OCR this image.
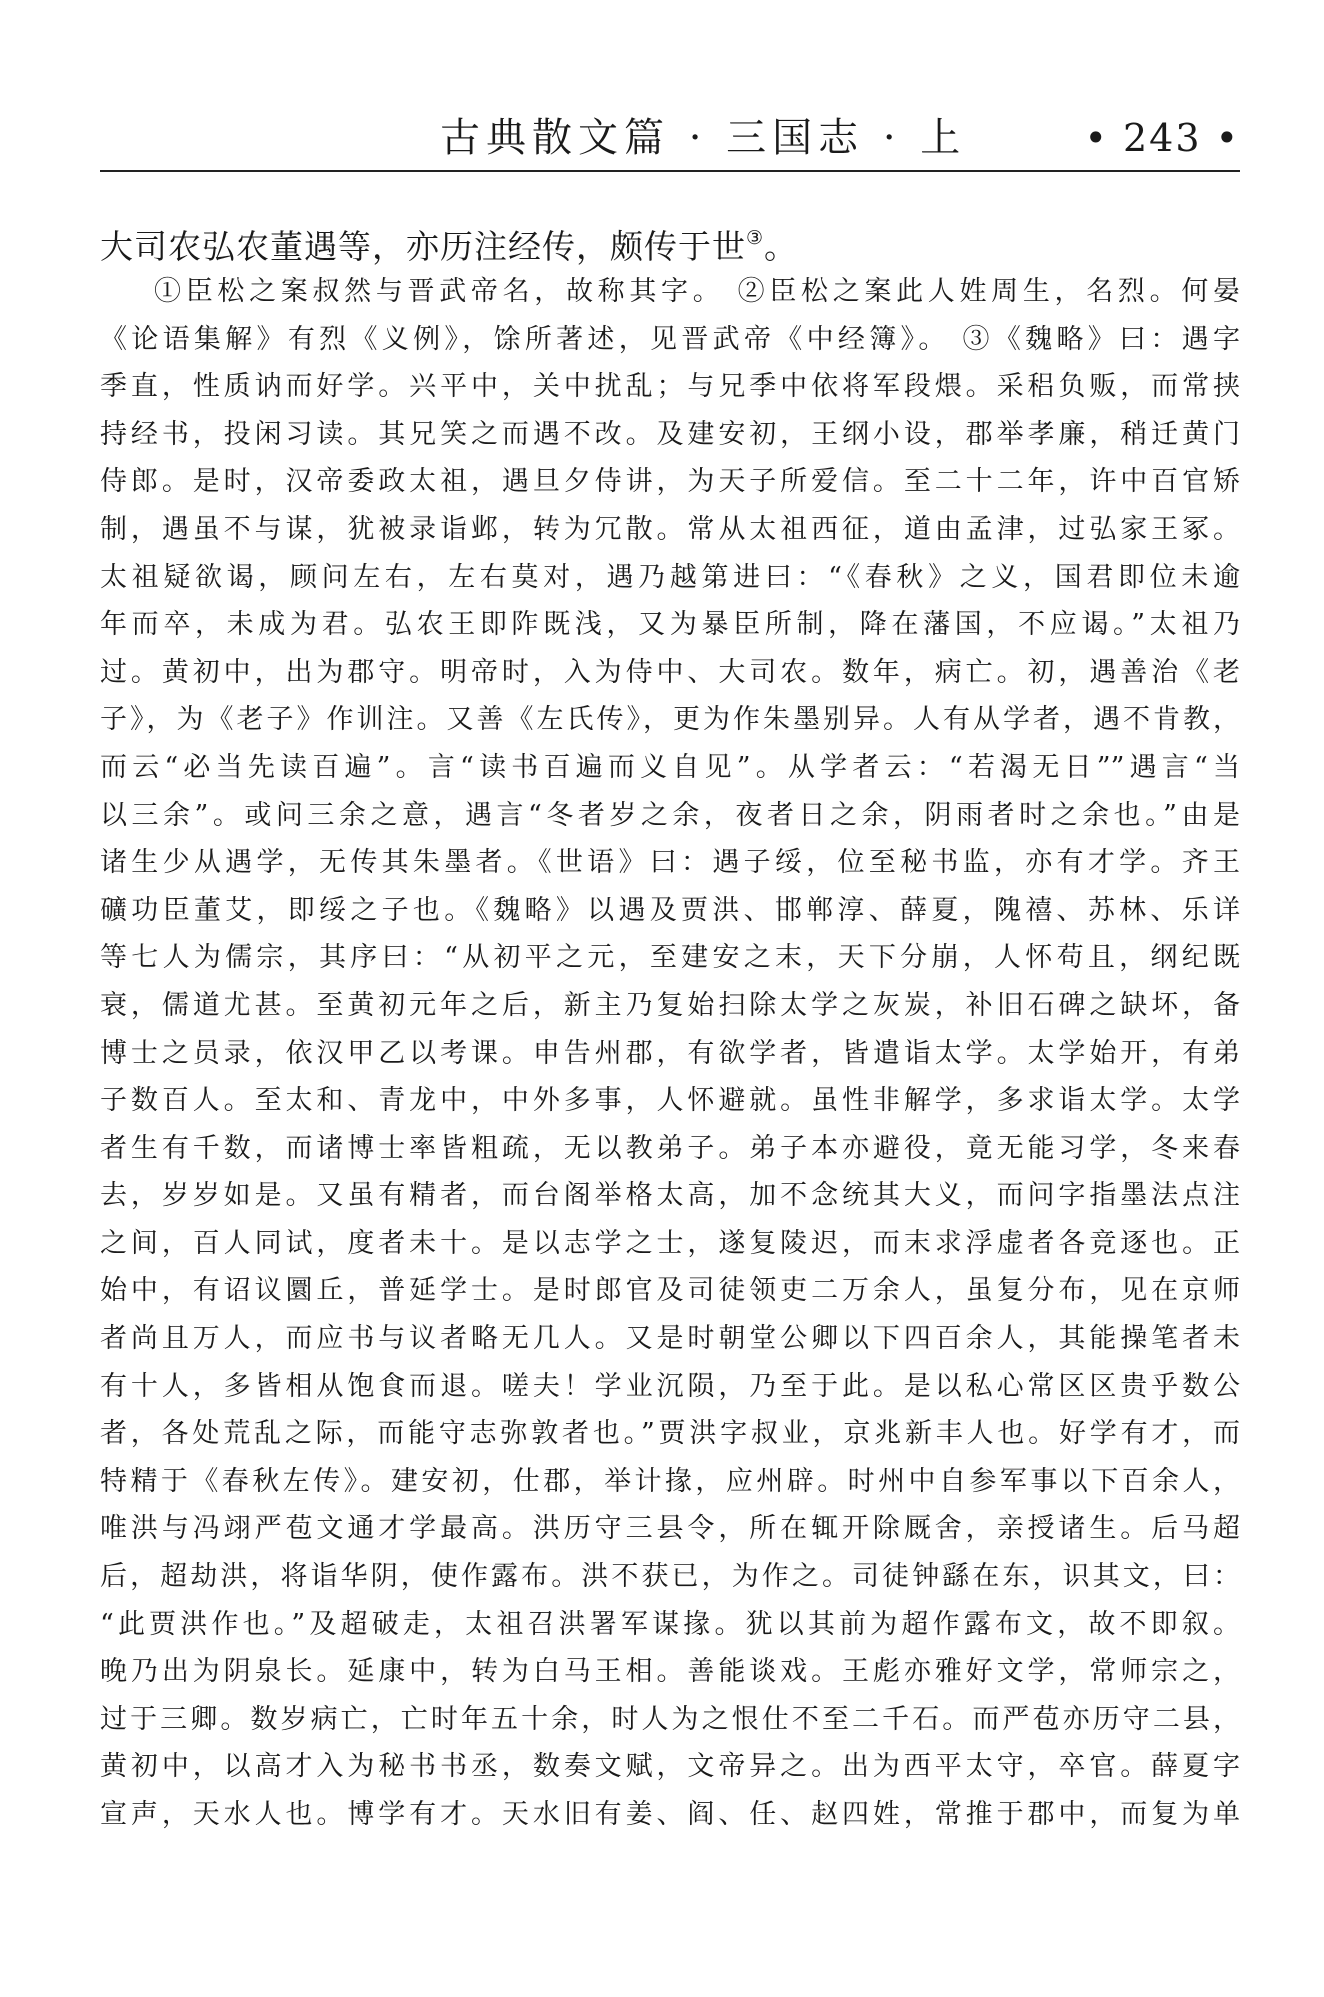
古典散文篇 · 三国志 · 上	• 243 •
大司农弘农董遇等，亦历注经传，颇传于世③。
①臣松之案叔然与晋武帝名，故称其字。 ②臣松之案此人姓周生，名烈。何晏
《论语集解》有烈《义例》，馀所著述，见晋武帝《中经簿》。 ③《魏略》曰：遇字
季直，性质讷而好学。兴平中，关中扰乱；与兄季中依将军段煨。采稆负贩，而常挟
持经书，投闲习读。其兄笑之而遇不改。及建安初，王纲小设，郡举孝廉，稍迁黄门
侍郎。是时，汉帝委政太祖，遇旦夕侍讲，为天子所爱信。至二十二年，许中百官矫
制，遇虽不与谋，犹被录诣邺，转为冗散。常从太祖西征，道由孟津，过弘家王冢。
太祖疑欲谒，顾问左右，左右莫对，遇乃越第进曰：“《春秋》之义，国君即位未逾
年而卒，未成为君。弘农王即阼既浅，又为暴臣所制，降在藩国，不应谒。”太祖乃
过。黄初中，出为郡守。明帝时，入为侍中、大司农。数年，病亡。初，遇善治《老
子》，为《老子》作训注。又善《左氏传》，更为作朱墨别异。人有从学者，遇不肯教，
而云“必当先读百遍”。言“读书百遍而义自见”。从学者云：“若渴无日””遇言“当
以三余”。或问三余之意，遇言“冬者岁之余，夜者日之余，阴雨者时之余也。”由是
诸生少从遇学，无传其朱墨者。《世语》曰：遇子绥，位至秘书监，亦有才学。齐王
礦功臣董艾，即绥之子也。《魏略》以遇及贾洪、邯郸淳、薛夏，隗禧、苏林、乐详
等七人为儒宗，其序曰：“从初平之元，至建安之末，天下分崩，人怀苟且，纲纪既
衰，儒道尤甚。至黄初元年之后，新主乃复始扫除太学之灰炭，补旧石碑之缺坏，备
博士之员录，依汉甲乙以考课。申告州郡，有欲学者，皆遣诣太学。太学始开，有弟
子数百人。至太和、青龙中，中外多事，人怀避就。虽性非解学，多求诣太学。太学
者生有千数，而诸博士率皆粗疏，无以教弟子。弟子本亦避役，竟无能习学，冬来春
去，岁岁如是。又虽有精者，而台阁举格太高，加不念统其大义，而问字指墨法点注
之间，百人同试，度者未十。是以志学之士，遂复陵迟，而末求浮虚者各竞逐也。正
始中，有诏议圜丘，普延学士。是时郎官及司徒领吏二万余人，虽复分布，见在京师
者尚且万人，而应书与议者略无几人。又是时朝堂公卿以下四百余人，其能操笔者未
有十人，多皆相从饱食而退。嗟夫！学业沉陨，乃至于此。是以私心常区区贵乎数公
者，各处荒乱之际，而能守志弥敦者也。”贾洪字叔业，京兆新丰人也。好学有才，而
特精于《春秋左传》。建安初，仕郡，举计掾，应州辟。时州中自参军事以下百余人，
唯洪与冯翊严苞文通才学最高。洪历守三县令，所在辄开除厩舍，亲授诸生。后马超
后，超劫洪，将诣华阴，使作露布。洪不获已，为作之。司徒钟繇在东，识其文，曰：
“此贾洪作也。”及超破走，太祖召洪署军谋掾。犹以其前为超作露布文，故不即叙。
晚乃出为阴泉长。延康中，转为白马王相。善能谈戏。王彪亦雅好文学，常师宗之，
过于三卿。数岁病亡，亡时年五十余，时人为之恨仕不至二千石。而严苞亦历守二县，
黄初中，以高才入为秘书书丞，数奏文赋，文帝异之。出为西平太守，卒官。薛夏字
宣声，天水人也。博学有才。天水旧有姜、阎、任、赵四姓，常推于郡中，而复为单
